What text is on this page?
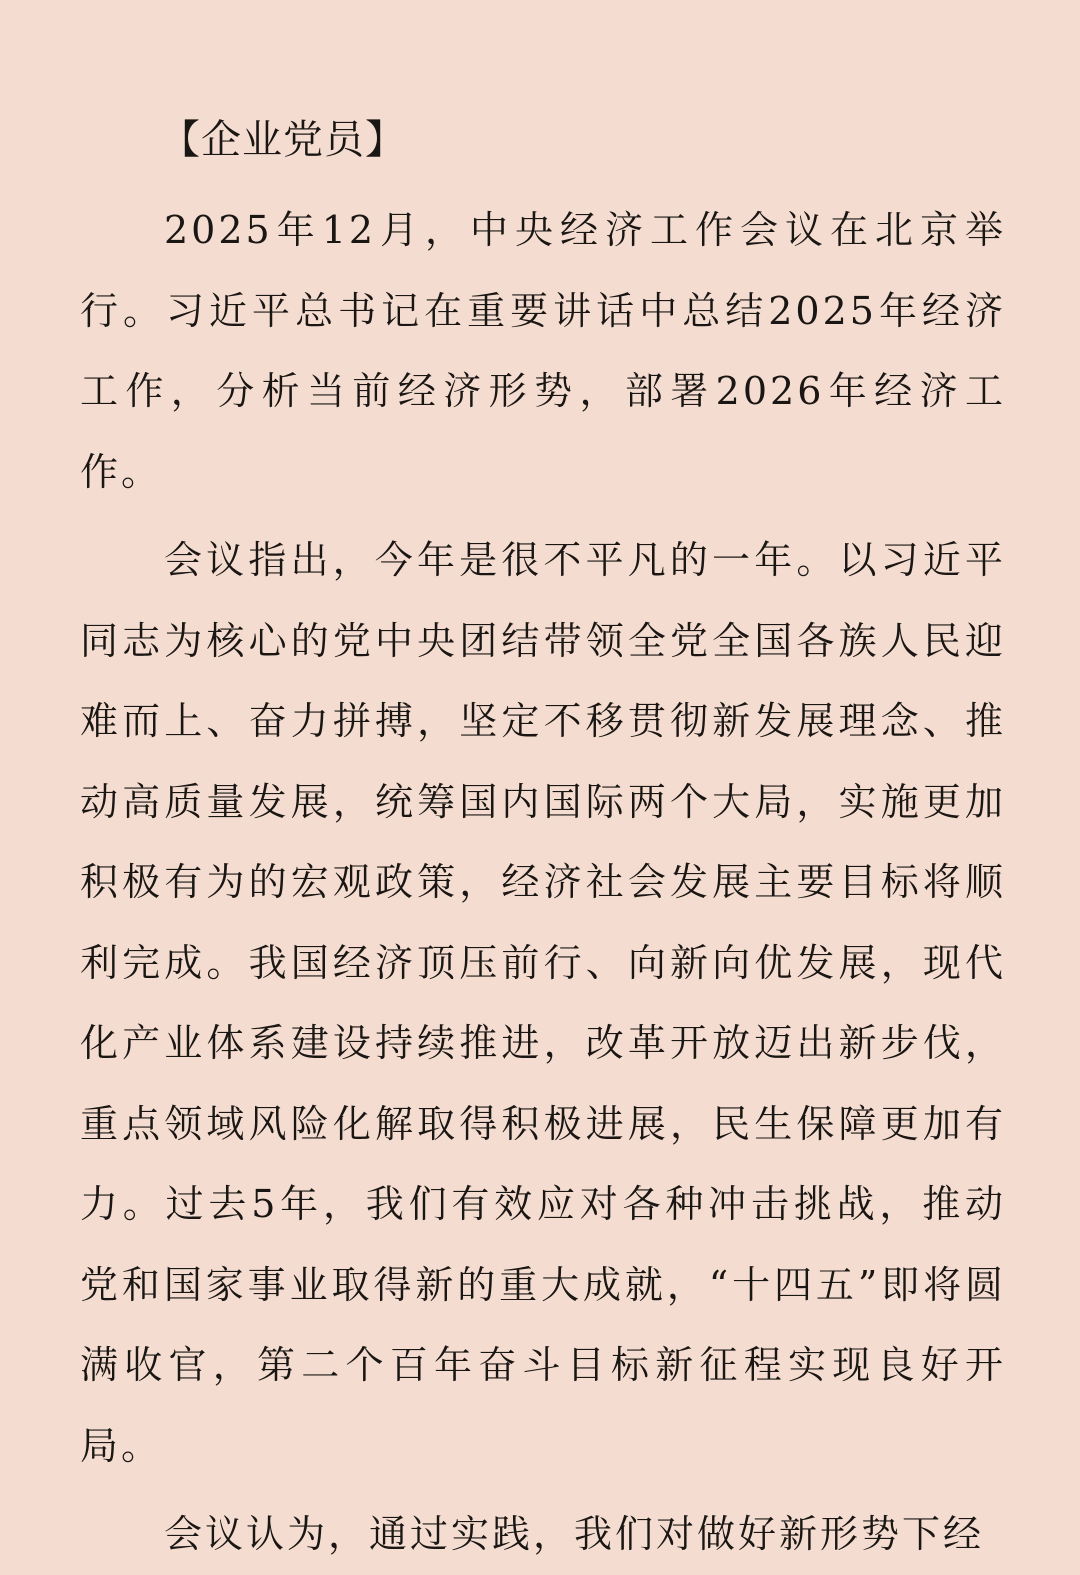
【企业党员】

2025年12月，中央经济工作会议在北京举行。习近平总书记在重要讲话中总结2025年经济工作，分析当前经济形势，部署2026年经济工作。

会议指出，今年是很不平凡的一年。以习近平同志为核心的党中央团结带领全党全国各族人民迎难而上、奋力拼搏，坚定不移贯彻新发展理念、推动高质量发展，统筹国内国际两个大局，实施更加积极有为的宏观政策，经济社会发展主要目标将顺利完成。我国经济顶压前行、向新向优发展，现代化产业体系建设持续推进，改革开放迈出新步伐，重点领域风险化解取得积极进展，民生保障更加有力。过去5年，我们有效应对各种冲击挑战，推动党和国家事业取得新的重大成就，“十四五”即将圆满收官，第二个百年奋斗目标新征程实现良好开局。

会议认为，通过实践，我们对做好新形势下经
